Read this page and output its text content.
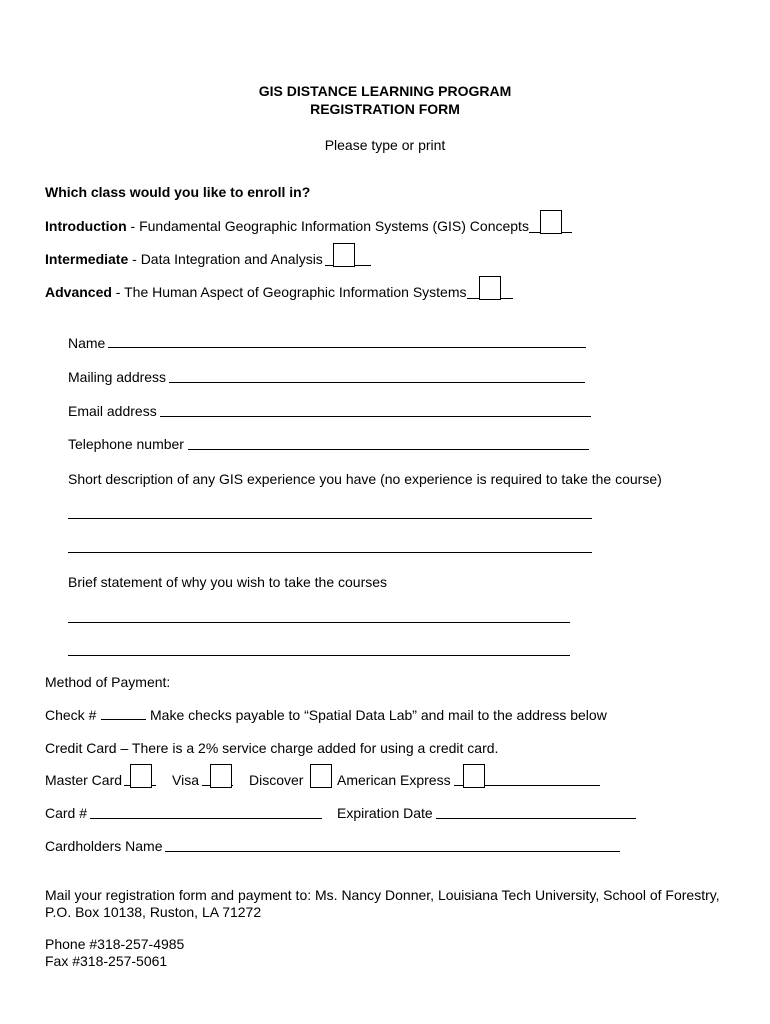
GIS DISTANCE LEARNING PROGRAM
REGISTRATION FORM
Please type or print
Which class would you like to enroll in?
Introduction - Fundamental Geographic Information Systems (GIS) Concepts
Intermediate - Data Integration and Analysis
Advanced - The Human Aspect of Geographic Information Systems
Name
Mailing address
Email address
Telephone number
Short description of any GIS experience you have (no experience is required to take the course)
Brief statement of why you wish to take the courses
Method of Payment:
Check #	Make checks payable to “Spatial Data Lab” and mail to the address below
Credit Card – There is a 2% service charge added for using a credit card.
Master Card	Visa	Discover American Express
Card #	Expiration Date
Cardholders Name
Mail your registration form and payment to: Ms. Nancy Donner, Louisiana Tech University, School of Forestry,
P.O. Box 10138, Ruston, LA 71272
Phone #318-257-4985
Fax #318-257-5061
